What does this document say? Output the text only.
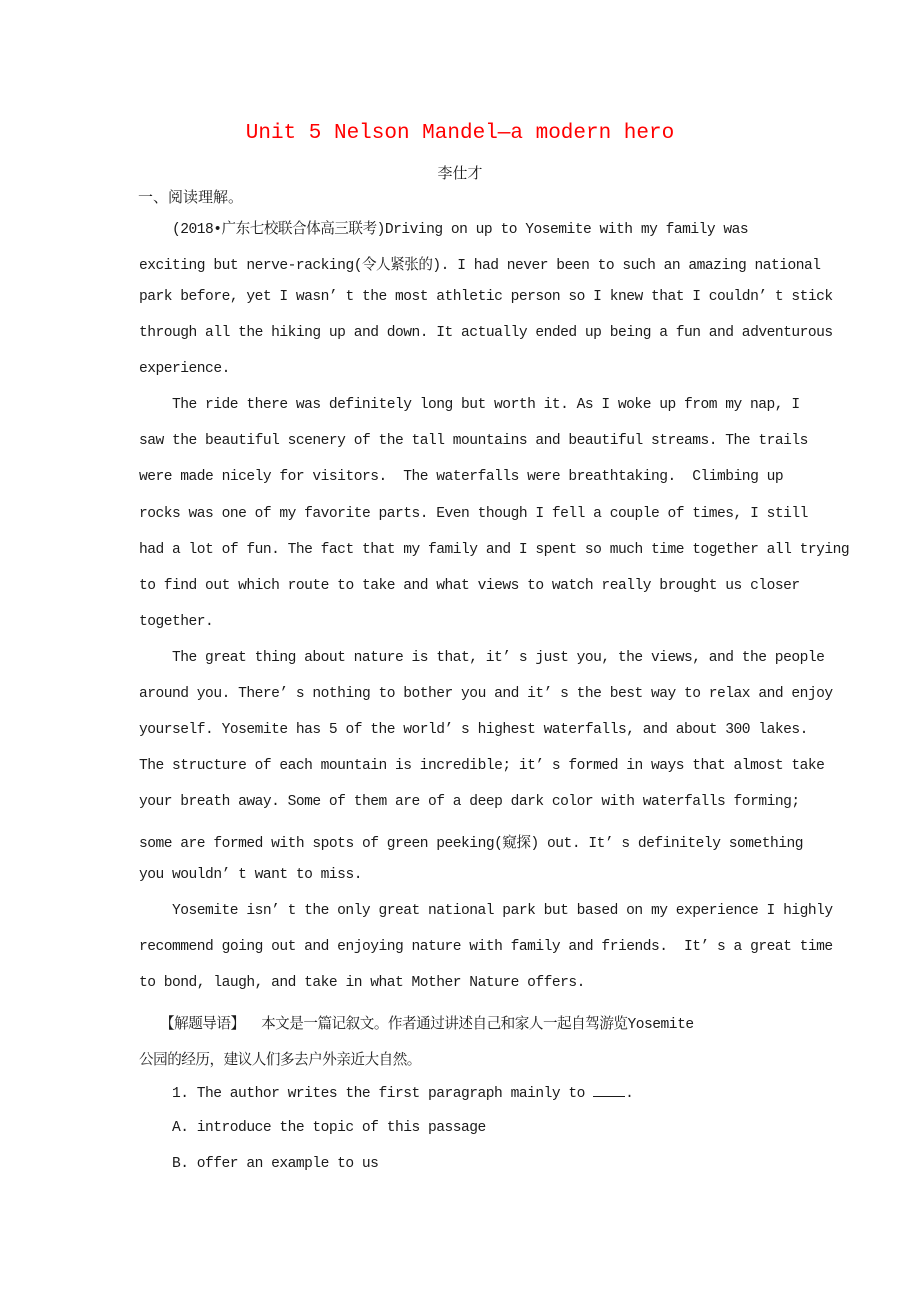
Unit 5 Nelson Mandel—a modern hero
李仕才
一、阅读理解。
(2018•广东七校联合体高三联考)Driving on up to Yosemite with my family was
exciting but nerve-racking(令人紧张的). I had never been to such an amazing national
park before, yet I wasn’ t the most athletic person so I knew that I couldn’ t stick
through all the hiking up and down. It actually ended up being a fun and adventurous
experience.
The ride there was definitely long but worth it. As I woke up from my nap, I
saw the beautiful scenery of the tall mountains and beautiful streams. The trails
were made nicely for visitors.  The waterfalls were breathtaking.  Climbing up
rocks was one of my favorite parts. Even though I fell a couple of times, I still
had a lot of fun. The fact that my family and I spent so much time together all trying
to find out which route to take and what views to watch really brought us closer
together.
The great thing about nature is that, it’ s just you, the views, and the people
around you. There’ s nothing to bother you and it’ s the best way to relax and enjoy
yourself. Yosemite has 5 of the world’ s highest waterfalls, and about 300 lakes.
The structure of each mountain is incredible; it’ s formed in ways that almost take
your breath away. Some of them are of a deep dark color with waterfalls forming;
some are formed with spots of green peeking(窥探) out. It’ s definitely something
you wouldn’ t want to miss.
Yosemite isn’ t the only great national park but based on my experience I highly
recommend going out and enjoying nature with family and friends.  It’ s a great time
to bond, laugh, and take in what Mother Nature offers.
【解题导语】  本文是一篇记叙文。作者通过讲述自己和家人一起自驾游览Yosemite
公园的经历，建议人们多去户外亲近大自然。
1. The author writes the first paragraph mainly to .
A. introduce the topic of this passage
B. offer an example to us
